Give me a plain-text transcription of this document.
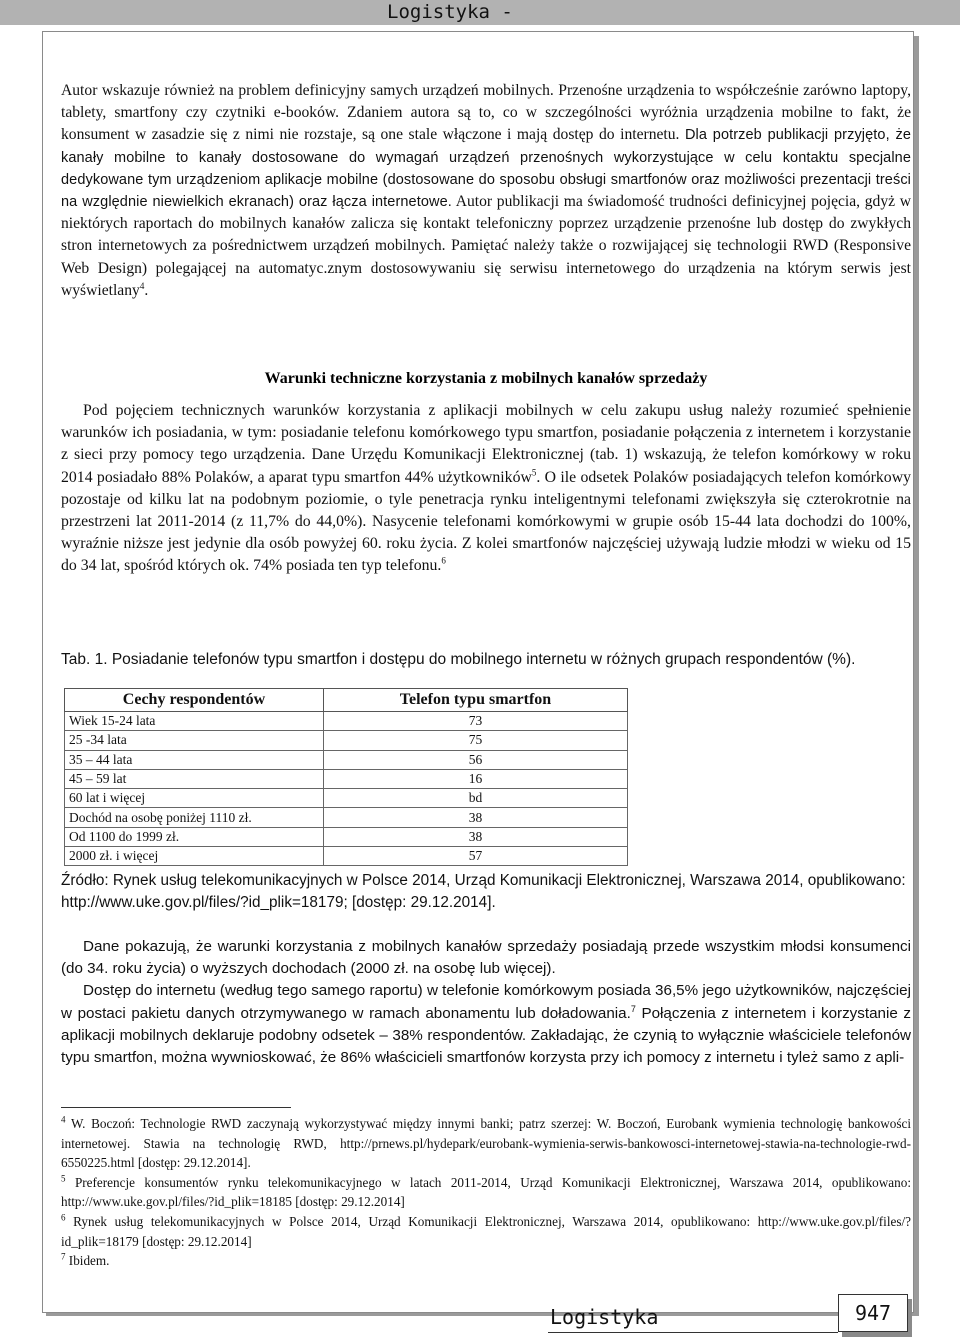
Logistyka -
Autor wskazuje również na problem definicyjny samych urządzeń mobilnych. Przenośne urządzenia to współcześnie zarówno laptopy, tablety, smartfony czy czytniki e-booków. Zdaniem autora są to, co w szczególności wyróżnia urządzenia mobilne to fakt, że konsument w zasadzie się z nimi nie rozstaje, są one stale włączone i mają dostęp do internetu. Dla potrzeb publikacji przyjęto, że kanały mobilne to kanały dostosowane do wymagań urządzeń przenośnych wykorzystujące w celu kontaktu specjalne dedykowane tym urządzeniom aplikacje mobilne (dostosowane do sposobu obsługi smartfonów oraz możliwości prezentacji treści na względnie niewielkich ekranach) oraz łącza internetowe. Autor publikacji ma świadomość trudności definicyjnej pojęcia, gdyż w niektórych raportach do mobilnych kanałów zalicza się kontakt telefoniczny poprzez urządzenie przenośne lub dostęp do zwykłych stron internetowych za pośrednictwem urządzeń mobilnych. Pamiętać należy także o rozwijającej się technologii RWD (Responsive Web Design) polegającej na automatyc.znym dostosowywaniu się serwisu internetowego do urządzenia na którym serwis jest wyświetlany$^4$.
Warunki techniczne korzystania z mobilnych kanałów sprzedaży
Pod pojęciem technicznych warunków korzystania z aplikacji mobilnych w celu zakupu usług należy rozumieć spełnienie warunków ich posiadania, w tym: posiadanie telefonu komórkowego typu smartfon, posiadanie połączenia z internetem i korzystanie z sieci przy pomocy tego urządzenia. Dane Urzędu Komunikacji Elektronicznej (tab. 1) wskazują, że telefon komórkowy w roku 2014 posiadało 88% Polaków, a aparat typu smartfon 44% użytkowników$^5$. O ile odsetek Polaków posiadających telefon komórkowy pozostaje od kilku lat na podobnym poziomie, o tyle penetracja rynku inteligentnymi telefonami zwiększyła się czterokrotnie na przestrzeni lat 2011-2014 (z 11,7% do 44,0%). Nasycenie telefonami komórkowymi w grupie osób 15-44 lata dochodzi do 100%, wyraźnie niższe jest jedynie dla osób powyżej 60. roku życia. Z kolei smartfonów najczęściej używają ludzie młodzi w wieku od 15 do 34 lat, spośród których ok. 74% posiada ten typ telefonu.$^6$
Tab. 1. Posiadanie telefonów typu smartfon i dostępu do mobilnego internetu w różnych grupach respondentów (%).
Cechy respondentów	Telefon typu smartfon
Wiek 15-24 lata	73
25 -34 lata	75
35 – 44 lata	56
45 – 59 lat	16
60 lat i więcej	bd
Dochód na osobę poniżej 1110 zł.	38
Od 1100 do 1999 zł.	38
2000 zł. i więcej	57
Źródło: Rynek usług telekomunikacyjnych w Polsce 2014, Urząd Komunikacji Elektronicznej, Warszawa 2014, opublikowano: http://www.uke.gov.pl/files/?id_plik=18179; [dostęp: 29.12.2014].
Dane pokazują, że warunki korzystania z mobilnych kanałów sprzedaży posiadają przede wszystkim młodsi konsumenci (do 34. roku życia) o wyższych dochodach (2000 zł. na osobę lub więcej).
Dostęp do internetu (według tego samego raportu) w telefonie komórkowym posiada 36,5% jego użytkowników, najczęściej w postaci pakietu danych otrzymywanego w ramach abonamentu lub doładowania.$^7$ Połączenia z internetem i korzystanie z aplikacji mobilnych deklaruje podobny odsetek – 38% respondentów. Zakładając, że czynią to wyłącznie właściciele telefonów typu smartfon, można wywnioskować, że 86% właścicieli smartfonów korzysta przy ich pomocy z internetu i tyleż samo z apli-
$^4$ W. Boczoń: Technologie RWD zaczynają wykorzystywać między innymi banki; patrz szerzej: W. Boczoń, Eurobank wymienia technologię bankowości internetowej. Stawia na technologię RWD, http://prnews.pl/hydepark/eurobank-wymienia-serwis-bankowosci-internetowej-stawia-na-technologie-rwd-6550225.html [dostęp: 29.12.2014].
$^5$ Preferencje konsumentów rynku telekomunikacyjnego w latach 2011-2014, Urząd Komunikacji Elektronicznej, Warszawa 2014, opublikowano: http://www.uke.gov.pl/files/?id_plik=18185 [dostęp: 29.12.2014]
$^6$ Rynek usług telekomunikacyjnych w Polsce 2014, Urząd Komunikacji Elektronicznej, Warszawa 2014, opublikowano: http://www.uke.gov.pl/files/?id_plik=18179 [dostęp: 29.12.2014]
$^7$ Ibidem.
Logistyka	947
